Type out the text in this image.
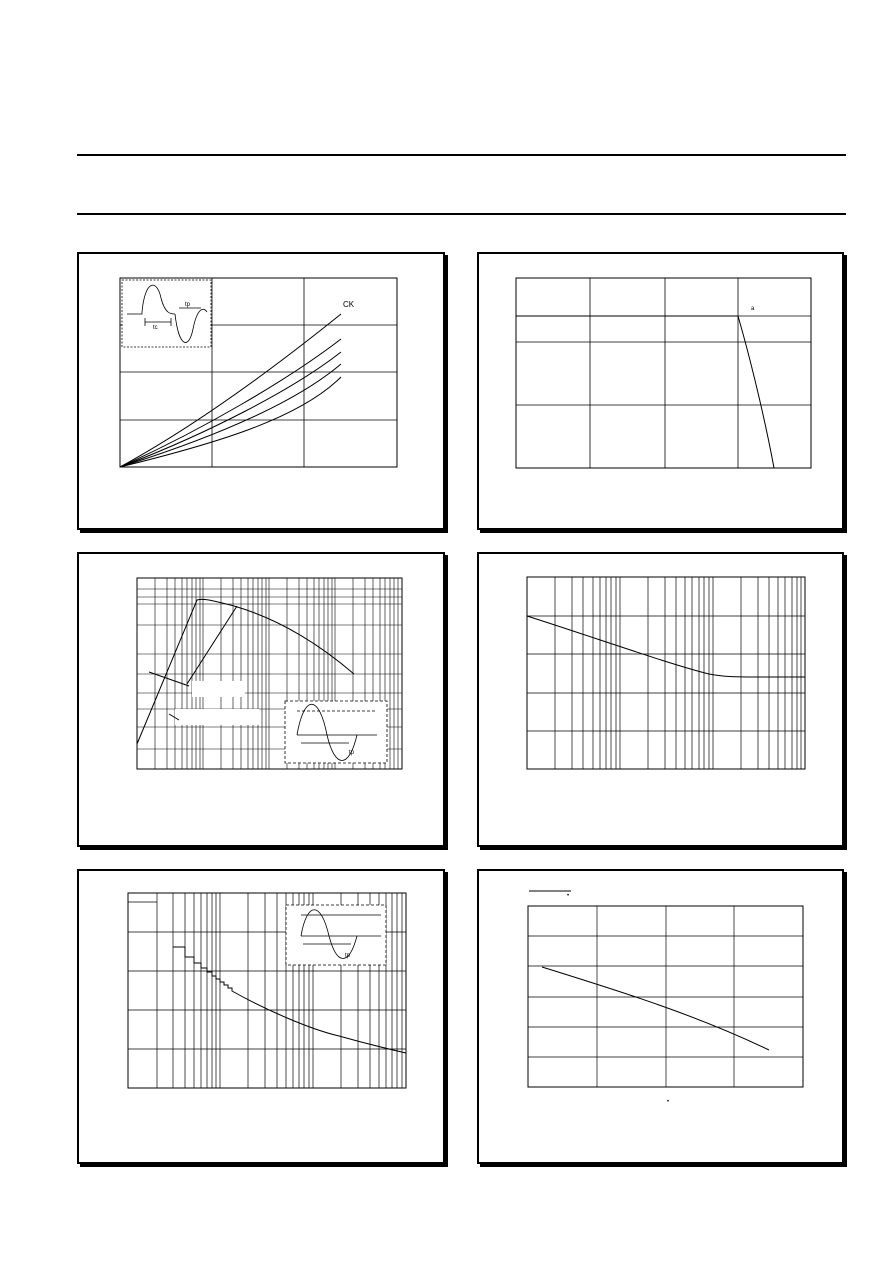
tc
tp	CK	a
tp
tp
•
•
